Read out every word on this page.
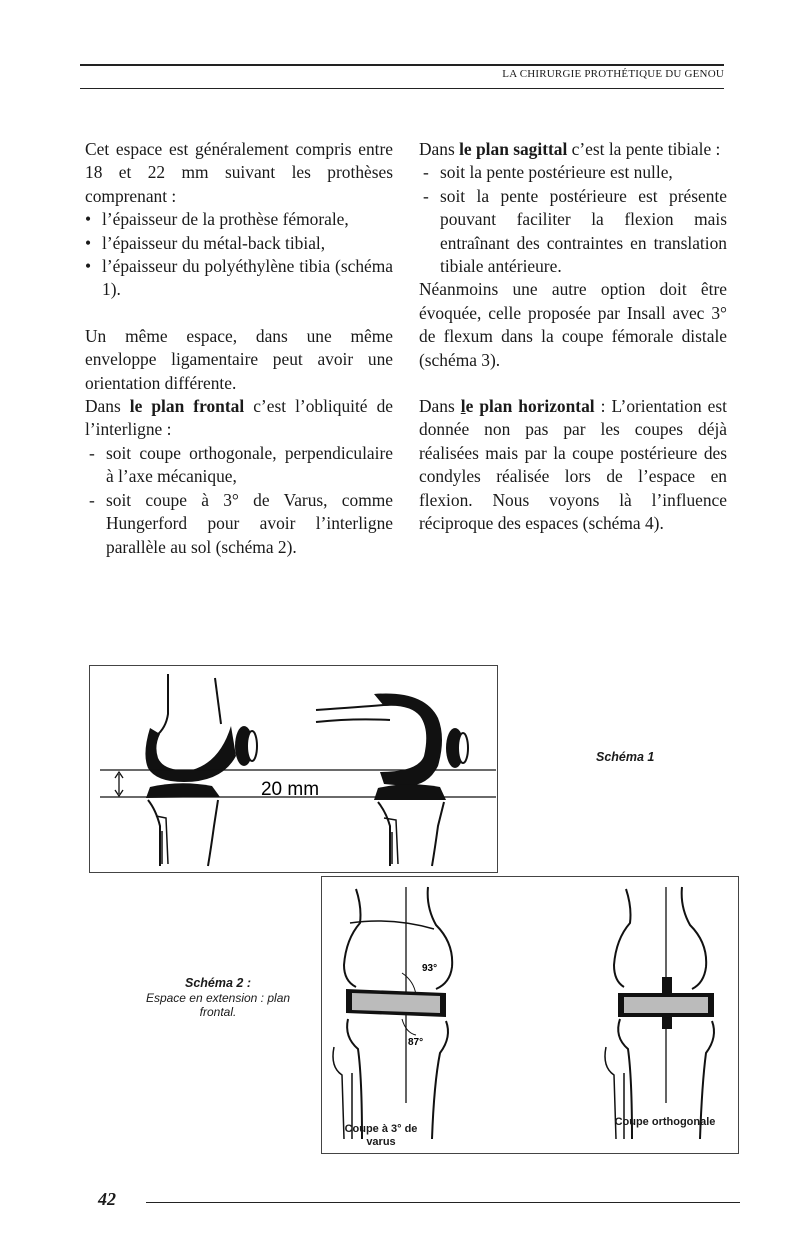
LA CHIRURGIE PROTHÉTIQUE DU GENOU

Cet espace est généralement compris entre 18 et 22 mm suivant les prothèses comprenant :

• l’épaisseur de la prothèse fémorale,
• l’épaisseur du métal-back tibial,
• l’épaisseur du polyéthylène tibia (schéma 1).

Un même espace, dans une même enveloppe ligamentaire peut avoir une orientation différente.

Dans le plan frontal c’est l’obliquité de l’interligne :

- soit coupe orthogonale, perpendiculaire à l’axe mécanique,
- soit coupe à 3° de Varus, comme Hungerford pour avoir l’interligne parallèle au sol (schéma 2).

Dans le plan sagittal c’est la pente tibiale :

- soit la pente postérieure est nulle,
- soit la pente postérieure est présente pouvant faciliter la flexion mais entraînant des contraintes en translation tibiale antérieure.

Néanmoins une autre option doit être évoquée, celle proposée par Insall avec 3° de flexum dans la coupe fémorale distale (schéma 3).

Dans le plan horizontal : L’orientation est donnée non pas par les coupes déjà réalisées mais par la coupe postérieure des condyles réalisée lors de l’espace en flexion. Nous voyons là l’influence réciproque des espaces (schéma 4).

20 mm
Schéma 1
93°
87°
Schéma 2 :
Espace en extension : plan frontal.
Coupe à 3° de varus
Coupe orthogonale
42
